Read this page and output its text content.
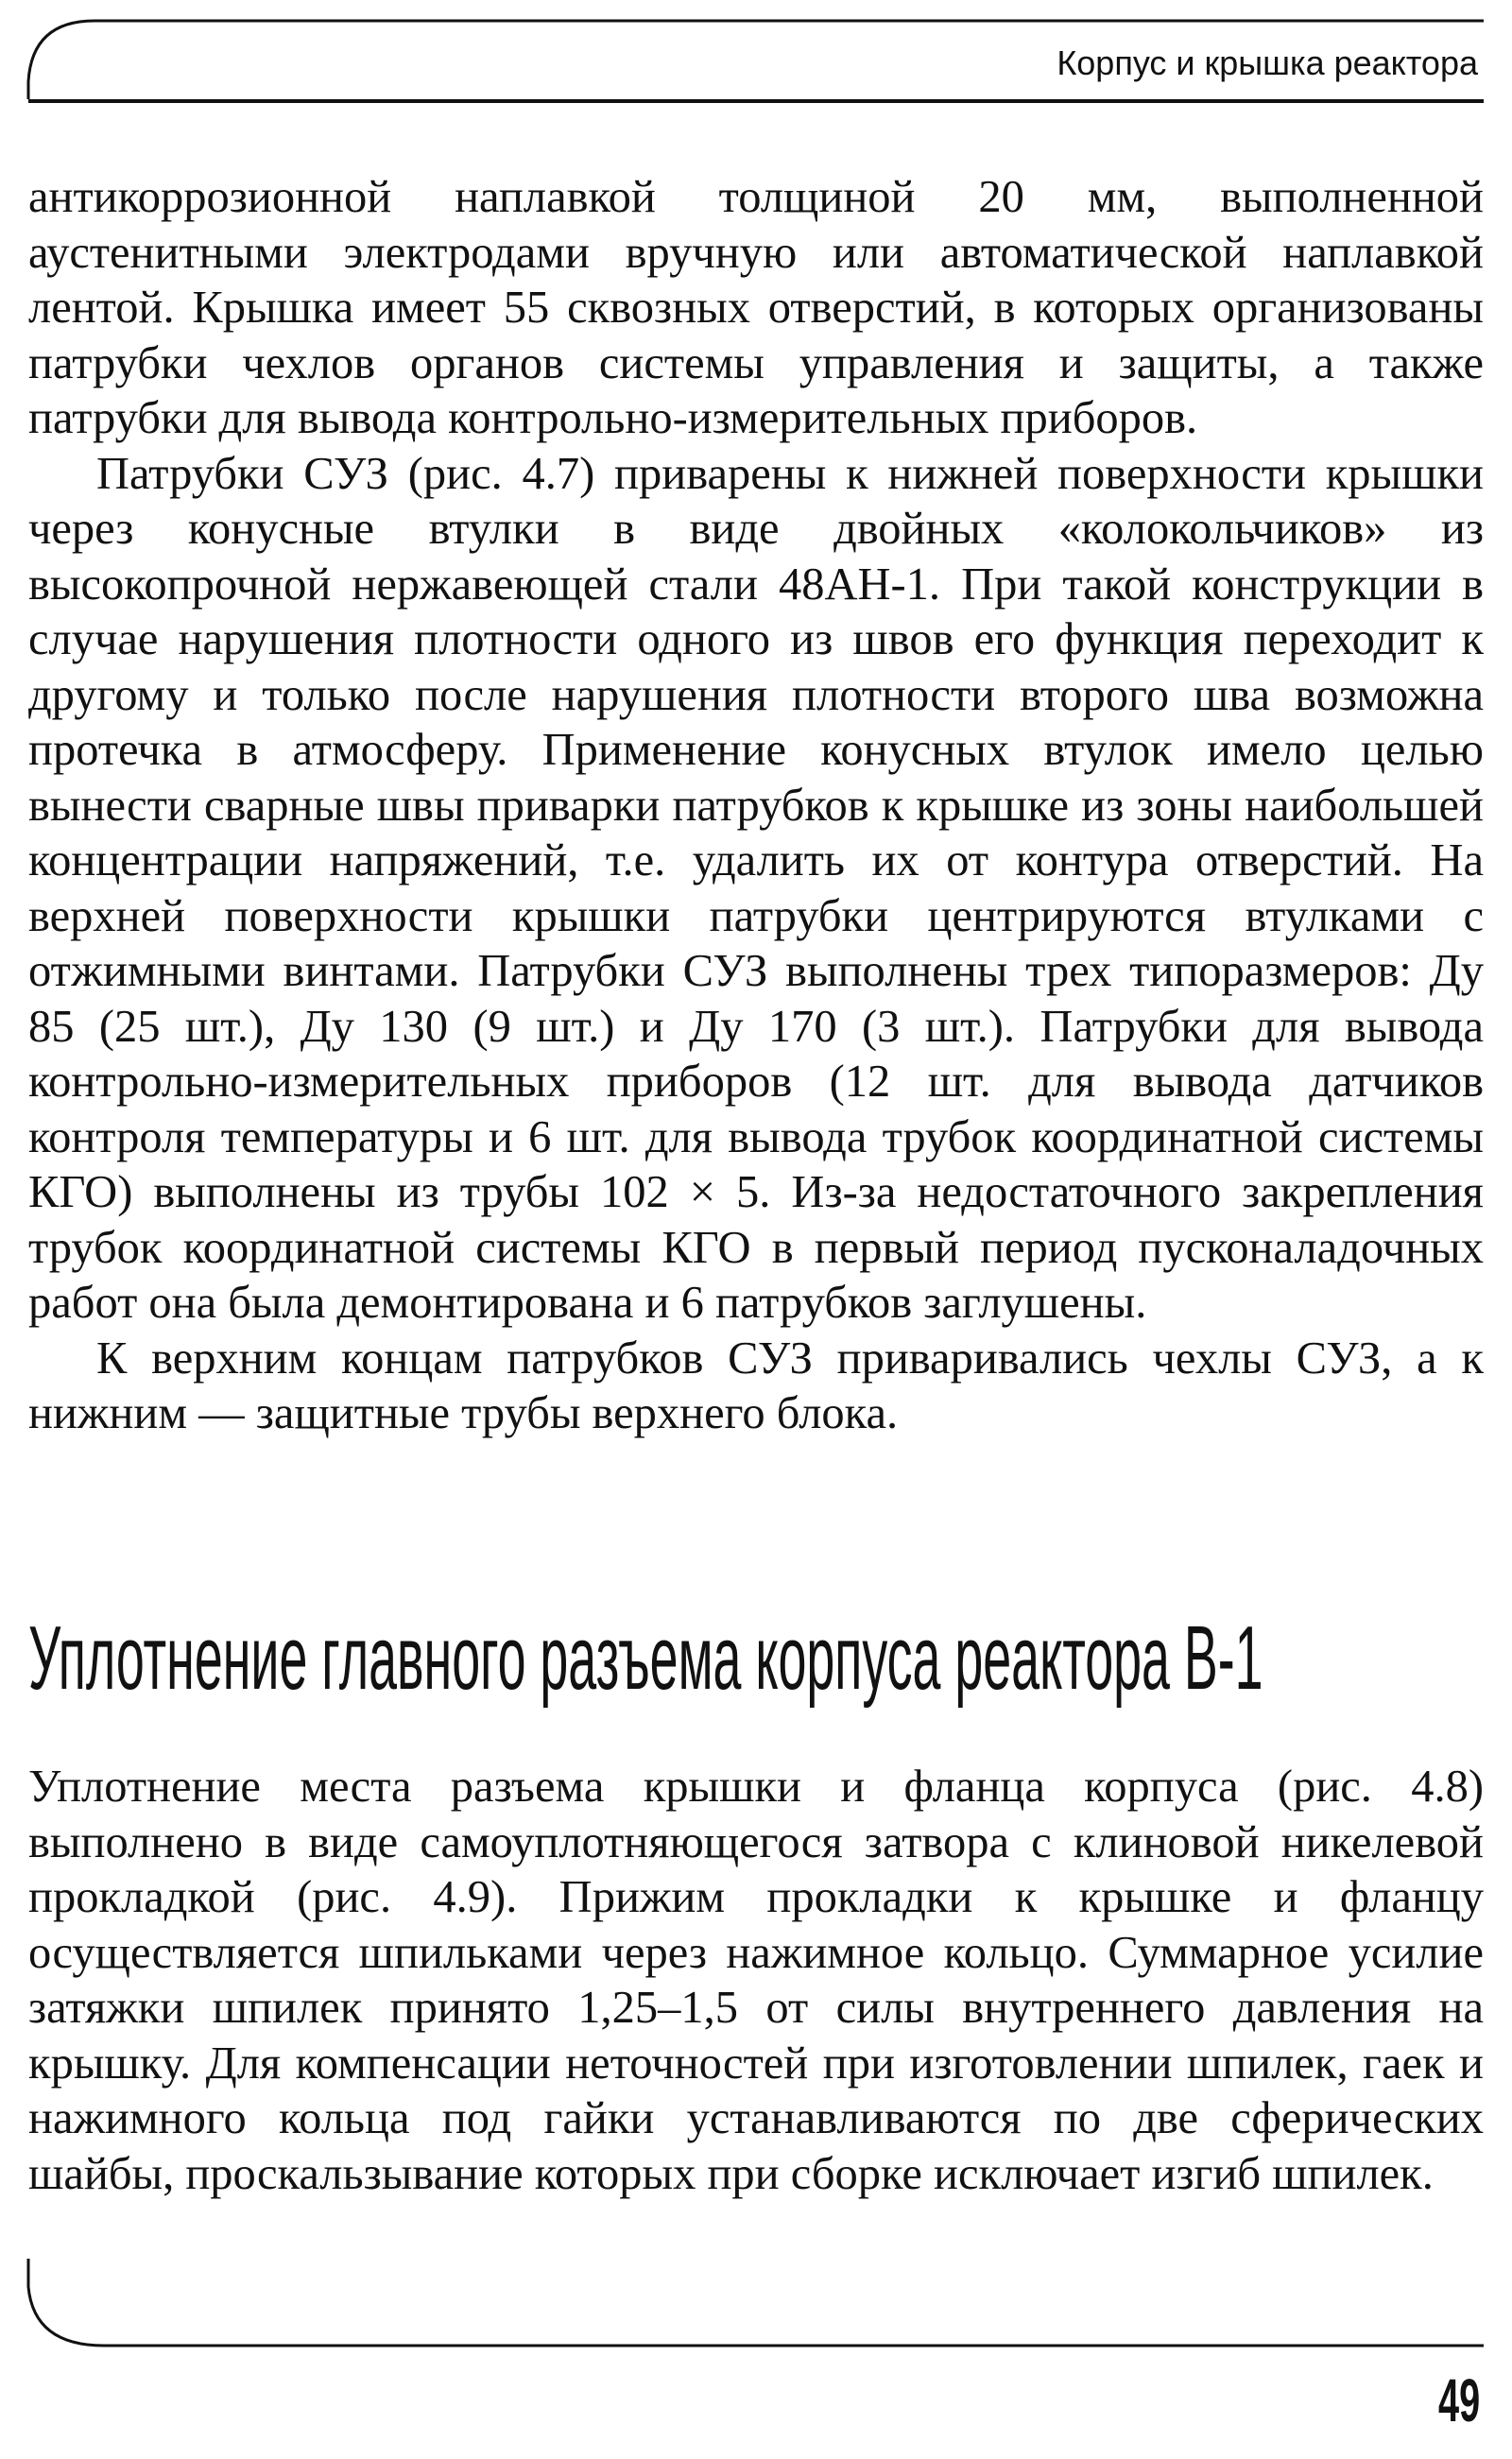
Корпус и крышка реактора

антикоррозионной наплавкой толщиной 20 мм, выполненной аустенитными электродами вручную или автоматической наплавкой лентой. Крышка имеет 55 сквозных отверстий, в которых организованы патрубки чехлов органов системы управления и защиты, а также патрубки для вывода контрольно-измерительных приборов.

Патрубки СУЗ (рис. 4.7) приварены к нижней поверхности крышки через конусные втулки в виде двойных «колокольчиков» из высокопрочной нержавеющей стали 48АН-1. При такой конструкции в случае нарушения плотности одного из швов его функция переходит к другому и только после нарушения плотности второго шва возможна протечка в атмосферу. Применение конусных втулок имело целью вынести сварные швы приварки патрубков к крышке из зоны наибольшей концентрации напряжений, т.е. удалить их от контура отверстий. На верхней поверхности крышки патрубки центрируются втулками с отжимными винтами. Патрубки СУЗ выполнены трех типоразмеров: Ду 85 (25 шт.), Ду 130 (9 шт.) и Ду 170 (3 шт.). Патрубки для вывода контрольно-измерительных приборов (12 шт. для вывода датчиков контроля температуры и 6 шт. для вывода трубок координатной системы КГО) выполнены из трубы 102 × 5. Из-за недостаточного закрепления трубок координатной системы КГО в первый период пусконаладочных работ она была демонтирована и 6 патрубков заглушены.

К верхним концам патрубков СУЗ приваривались чехлы СУЗ, а к нижним — защитные трубы верхнего блока.

Уплотнение главного разъема корпуса реактора В-1

Уплотнение места разъема крышки и фланца корпуса (рис. 4.8) выполнено в виде самоуплотняющегося затвора с клиновой никелевой прокладкой (рис. 4.9). Прижим прокладки к крышке и фланцу осуществляется шпильками через нажимное кольцо. Суммарное усилие затяжки шпилек принято 1,25–1,5 от силы внутреннего давления на крышку. Для компенсации неточностей при изготовлении шпилек, гаек и нажимного кольца под гайки устанавливаются по две сферических шайбы, проскальзывание которых при сборке исключает изгиб шпилек.

49
